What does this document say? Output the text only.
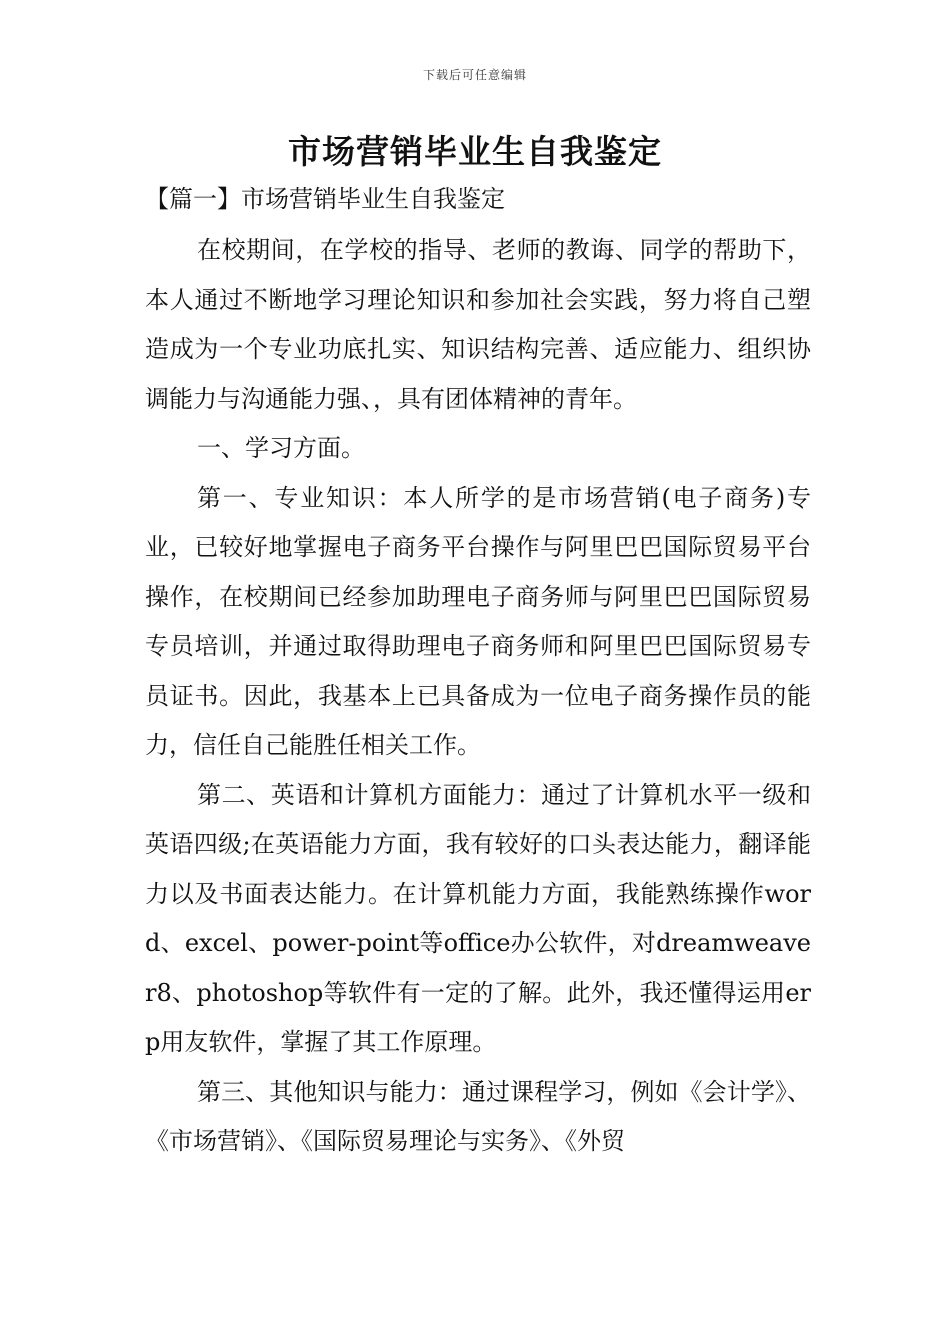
下载后可任意编辑
市场营销毕业生自我鉴定
【篇一】市场营销毕业生自我鉴定

在校期间，在学校的指导、老师的教诲、同学的帮助下，本人通过不断地学习理论知识和参加社会实践，努力将自己塑造成为一个专业功底扎实、知识结构完善、适应能力、组织协调能力与沟通能力强、，具有团体精神的青年。

一、学习方面。

第一、专业知识：本人所学的是市场营销(电子商务)专业，已较好地掌握电子商务平台操作与阿里巴巴国际贸易平台操作，在校期间已经参加助理电子商务师与阿里巴巴国际贸易专员培训，并通过取得助理电子商务师和阿里巴巴国际贸易专员证书。因此，我基本上已具备成为一位电子商务操作员的能力，信任自己能胜任相关工作。

第二、英语和计算机方面能力：通过了计算机水平一级和英语四级;在英语能力方面，我有较好的口头表达能力，翻译能力以及书面表达能力。在计算机能力方面，我能熟练操作word、excel、power-point等office办公软件，对dreamweaver8、photoshop等软件有一定的了解。此外，我还懂得运用erp用友软件，掌握了其工作原理。

第三、其他知识与能力：通过课程学习，例如《会计学》、《市场营销》、《国际贸易理论与实务》、《外贸
